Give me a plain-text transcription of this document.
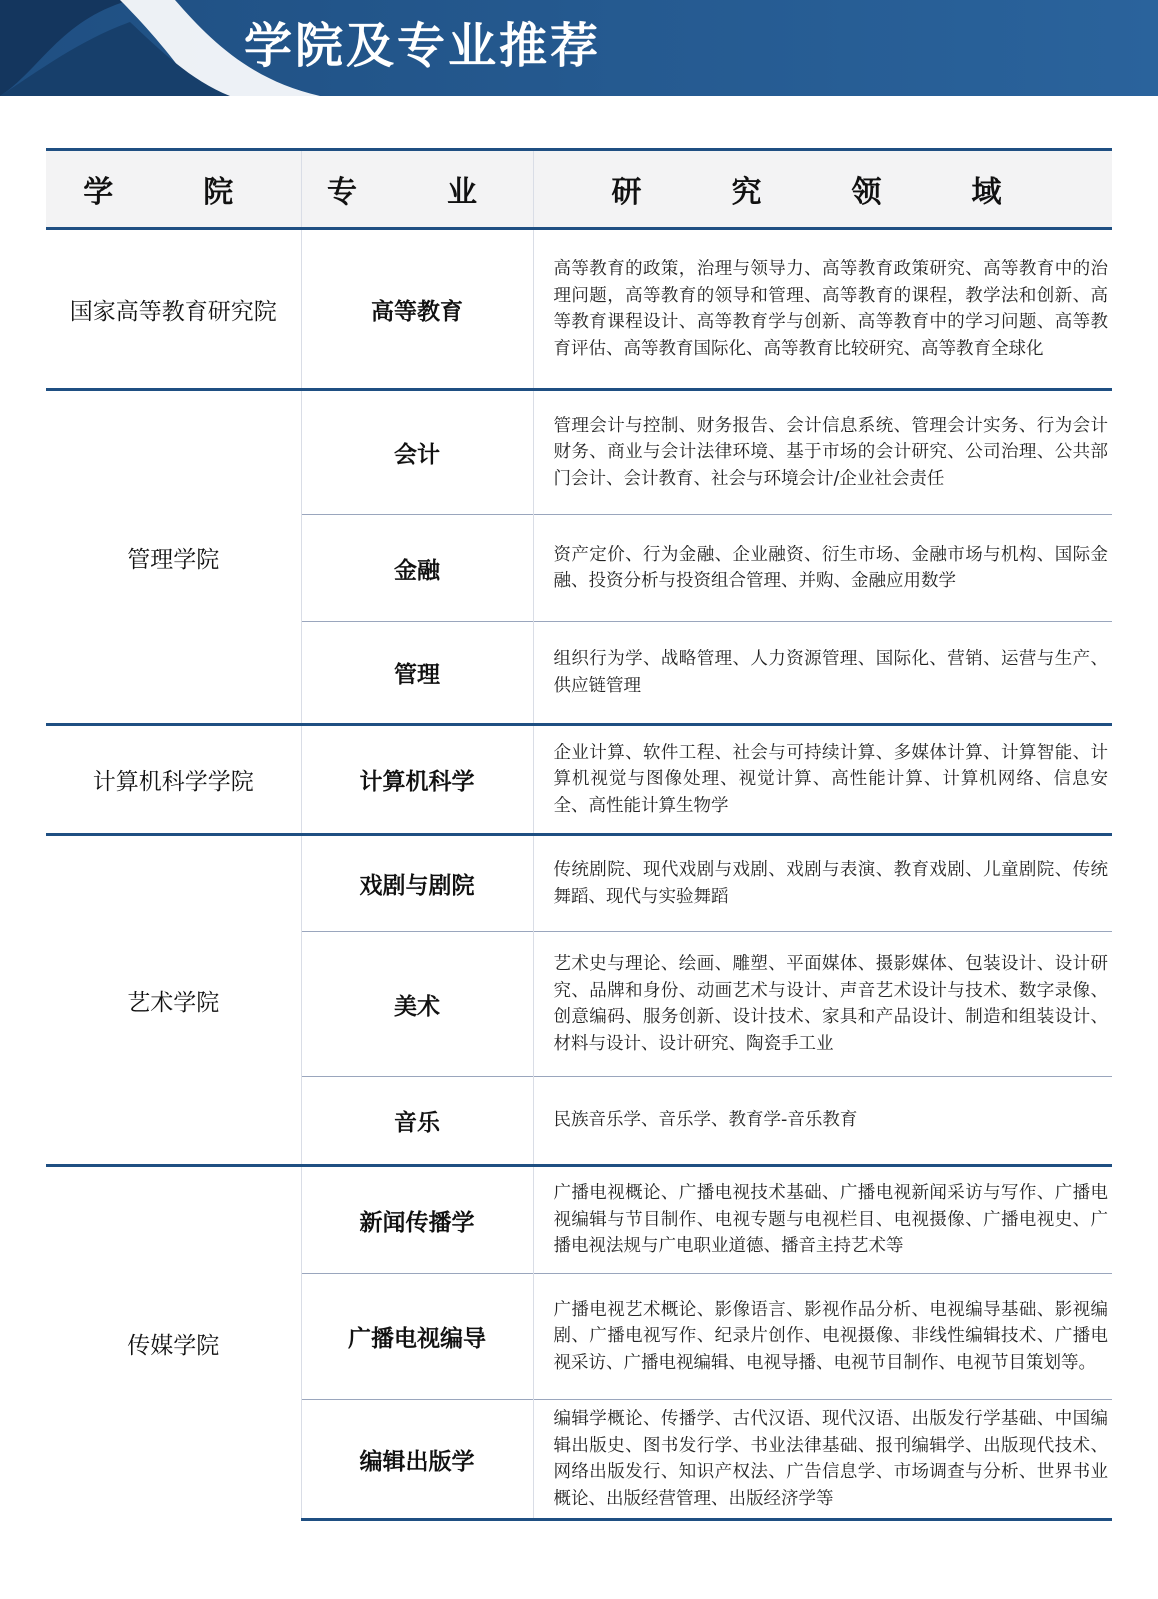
学院及专业推荐
学　院	专　业	研　究　领　域
国家高等教育研究院	高等教育	高等教育的政策，治理与领导力、高等教育政策研究、高等教育中的治理问题，高等教育的领导和管理、高等教育的课程，教学法和创新、高等教育课程设计、高等教育学与创新、高等教育中的学习问题、高等教育评估、高等教育国际化、高等教育比较研究、高等教育全球化
管理学院	会计	管理会计与控制、财务报告、会计信息系统、管理会计实务、行为会计财务、商业与会计法律环境、基于市场的会计研究、公司治理、公共部门会计、会计教育、社会与环境会计/企业社会责任
	金融	资产定价、行为金融、企业融资、衍生市场、金融市场与机构、国际金融、投资分析与投资组合管理、并购、金融应用数学
	管理	组织行为学、战略管理、人力资源管理、国际化、营销、运营与生产、供应链管理
计算机科学学院	计算机科学	企业计算、软件工程、社会与可持续计算、多媒体计算、计算智能、计算机视觉与图像处理、视觉计算、高性能计算、计算机网络、信息安全、高性能计算生物学
艺术学院	戏剧与剧院	传统剧院、现代戏剧与戏剧、戏剧与表演、教育戏剧、儿童剧院、传统舞蹈、现代与实验舞蹈
	美术	艺术史与理论、绘画、雕塑、平面媒体、摄影媒体、包装设计、设计研究、品牌和身份、动画艺术与设计、声音艺术设计与技术、数字录像、创意编码、服务创新、设计技术、家具和产品设计、制造和组装设计、材料与设计、设计研究、陶瓷手工业
	音乐	民族音乐学、音乐学、教育学-音乐教育
传媒学院	新闻传播学	广播电视概论、广播电视技术基础、广播电视新闻采访与写作、广播电视编辑与节目制作、电视专题与电视栏目、电视摄像、广播电视史、广播电视法规与广电职业道德、播音主持艺术等
	广播电视编导	广播电视艺术概论、影像语言、影视作品分析、电视编导基础、影视编剧、广播电视写作、纪录片创作、电视摄像、非线性编辑技术、广播电视采访、广播电视编辑、电视导播、电视节目制作、电视节目策划等。
	编辑出版学	编辑学概论、传播学、古代汉语、现代汉语、出版发行学基础、中国编辑出版史、图书发行学、书业法律基础、报刊编辑学、出版现代技术、网络出版发行、知识产权法、广告信息学、市场调查与分析、世界书业概论、出版经营管理、出版经济学等
